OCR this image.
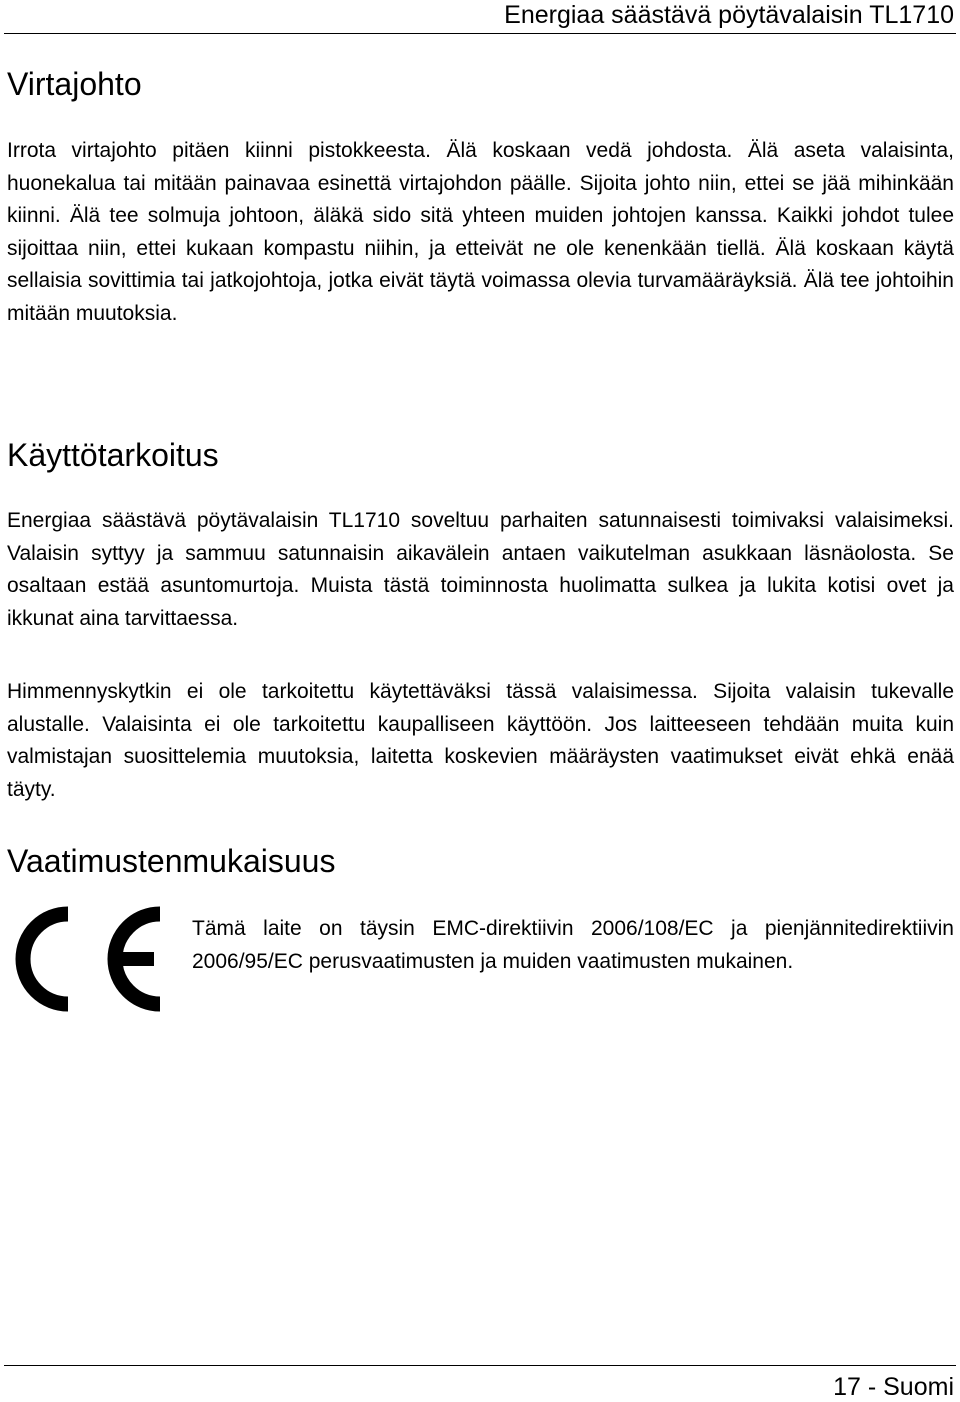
Energiaa säästävä pöytävalaisin TL1710
Virtajohto

Irrota virtajohto pitäen kiinni pistokkeesta. Älä koskaan vedä johdosta. Älä aseta valaisinta, huonekalua tai mitään painavaa esinettä virtajohdon päälle. Sijoita johto niin, ettei se jää mihinkään kiinni. Älä tee solmuja johtoon, äläkä sido sitä yhteen muiden johtojen kanssa. Kaikki johdot tulee sijoittaa niin, ettei kukaan kompastu niihin, ja etteivät ne ole kenenkään tiellä. Älä koskaan käytä sellaisia sovittimia tai jatkojohtoja, jotka eivät täytä voimassa olevia turvamääräyksiä. Älä tee johtoihin mitään muutoksia.

Käyttötarkoitus

Energiaa säästävä pöytävalaisin TL1710 soveltuu parhaiten satunnaisesti toimivaksi valaisimeksi. Valaisin syttyy ja sammuu satunnaisin aikavälein antaen vaikutelman asukkaan läsnäolosta. Se osaltaan estää asuntomurtoja. Muista tästä toiminnosta huolimatta sulkea ja lukita kotisi ovet ja ikkunat aina tarvittaessa.

Himmennyskytkin ei ole tarkoitettu käytettäväksi tässä valaisimessa. Sijoita valaisin tukevalle alustalle. Valaisinta ei ole tarkoitettu kaupalliseen käyttöön. Jos laitteeseen tehdään muita kuin valmistajan suosittelemia muutoksia, laitetta koskevien määräysten vaatimukset eivät ehkä enää täyty.

Vaatimustenmukaisuus

Tämä laite on täysin EMC-direktiivin 2006/108/EC ja pienjännitedirektiivin 2006/95/EC perusvaatimusten ja muiden vaatimusten mukainen.

17 - Suomi
